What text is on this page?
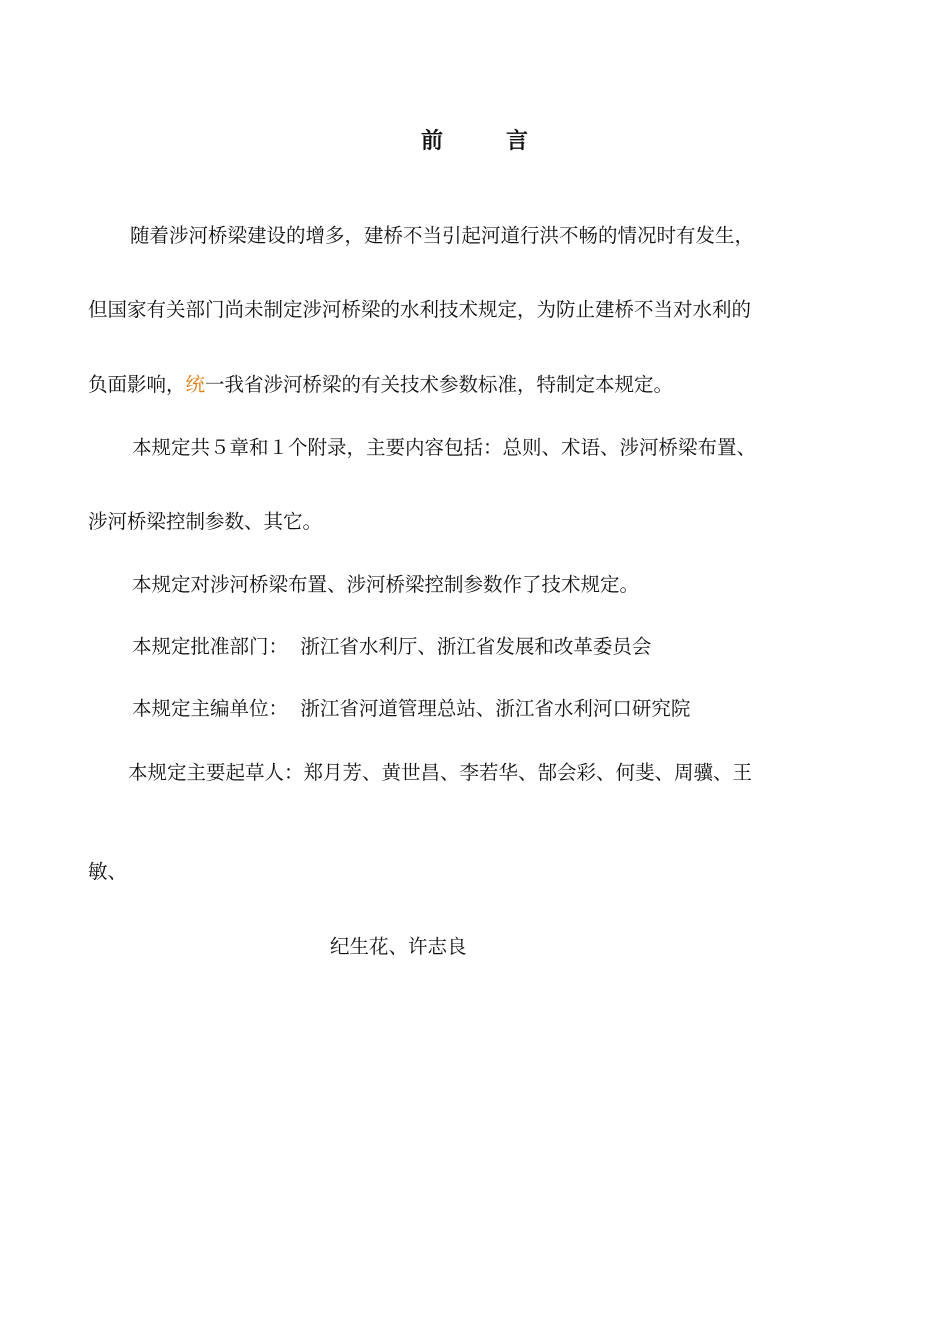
前	言
随着涉河桥梁建设的增多，建桥不当引起河道行洪不畅的情况时有发生，
但国家有关部门尚未制定涉河桥梁的水利技术规定，为防止建桥不当对水利的
负面影响，统一我省涉河桥梁的有关技术参数标准，特制定本规定。
本规定共５章和１个附录，主要内容包括：总则、术语、涉河桥梁布置、
涉河桥梁控制参数、其它。
本规定对涉河桥梁布置、涉河桥梁控制参数作了技术规定。
本规定批准部门：  浙江省水利厅、浙江省发展和改革委员会
本规定主编单位：  浙江省河道管理总站、浙江省水利河口研究院
本规定主要起草人：郑月芳、黄世昌、李若华、郜会彩、何斐、周骥、王
敏、
纪生花、许志良
